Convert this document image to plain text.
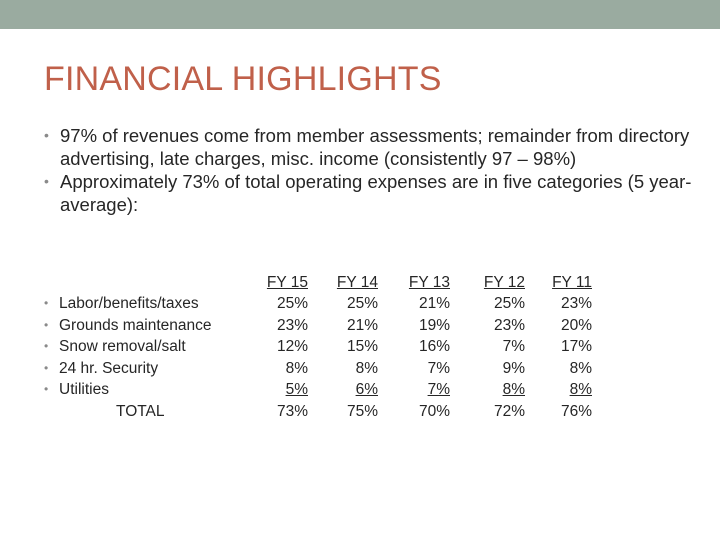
FINANCIAL HIGHLIGHTS
• 97% of revenues come from member assessments; remainder from directory advertising, late charges, misc. income (consistently 97 – 98%)
• Approximately 73% of total operating expenses are in five categories (5 year-average):
• Labor/benefits/taxes
• Grounds maintenance
• Snow removal/salt
• 24 hr. Security
• Utilities
TOTAL
FY 15
25%
23%
12%
8%
5%
73%
FY 14
25%
21%
15%
8%
6%
75%
FY 13
21%
19%
16%
7%
7%
70%
FY 12
25%
23%
7%
9%
8%
72%
FY 11
23%
20%
17%
8%
8%
76%
